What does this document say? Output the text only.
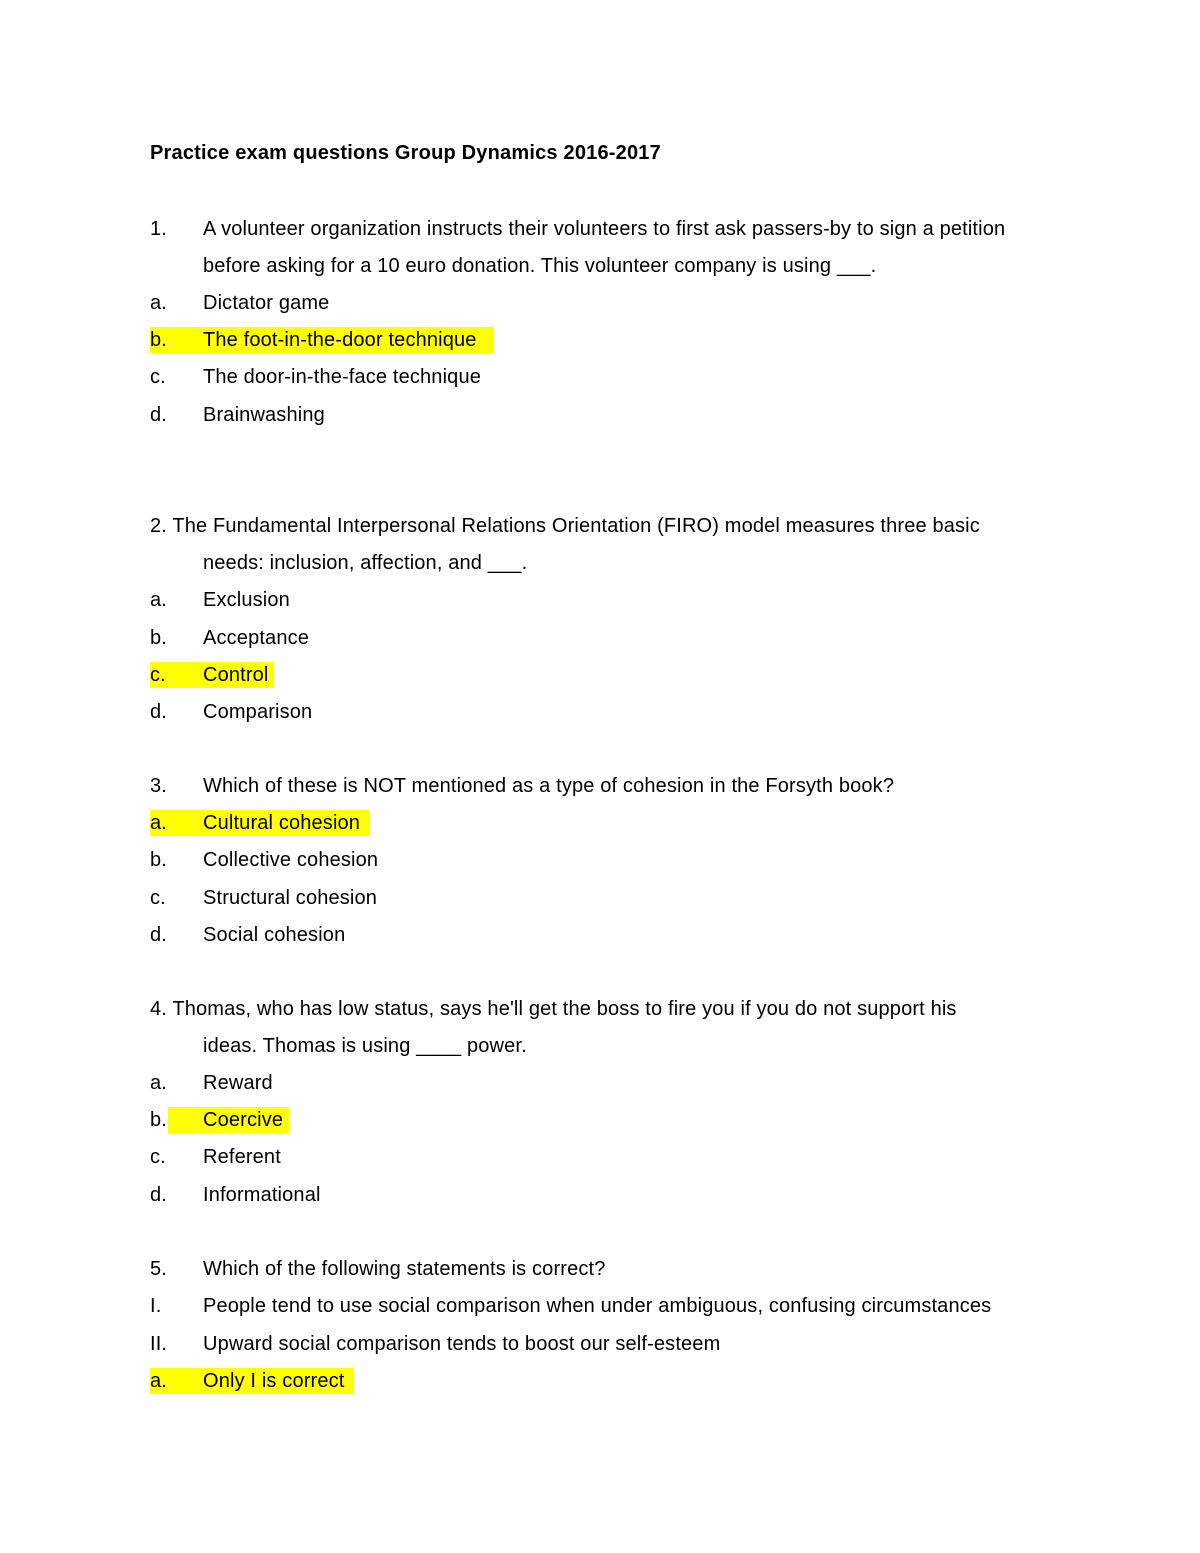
Practice exam questions Group Dynamics 2016-2017
1. A volunteer organization instructs their volunteers to first ask passers-by to sign a petition
before asking for a 10 euro donation. This volunteer company is using ___.
a. Dictator game
b. The foot-in-the-door technique
c. The door-in-the-face technique
d. Brainwashing
2. The Fundamental Interpersonal Relations Orientation (FIRO) model measures three basic
needs: inclusion, affection, and ___.
a. Exclusion
b. Acceptance
c. Control
d. Comparison
3. Which of these is NOT mentioned as a type of cohesion in the Forsyth book?
a. Cultural cohesion
b. Collective cohesion
c. Structural cohesion
d. Social cohesion
4. Thomas, who has low status, says he'll get the boss to fire you if you do not support his
ideas. Thomas is using ____ power.
a. Reward
b. Coercive
c. Referent
d. Informational
5. Which of the following statements is correct?
I. People tend to use social comparison when under ambiguous, confusing circumstances
II. Upward social comparison tends to boost our self-esteem
a. Only I is correct
